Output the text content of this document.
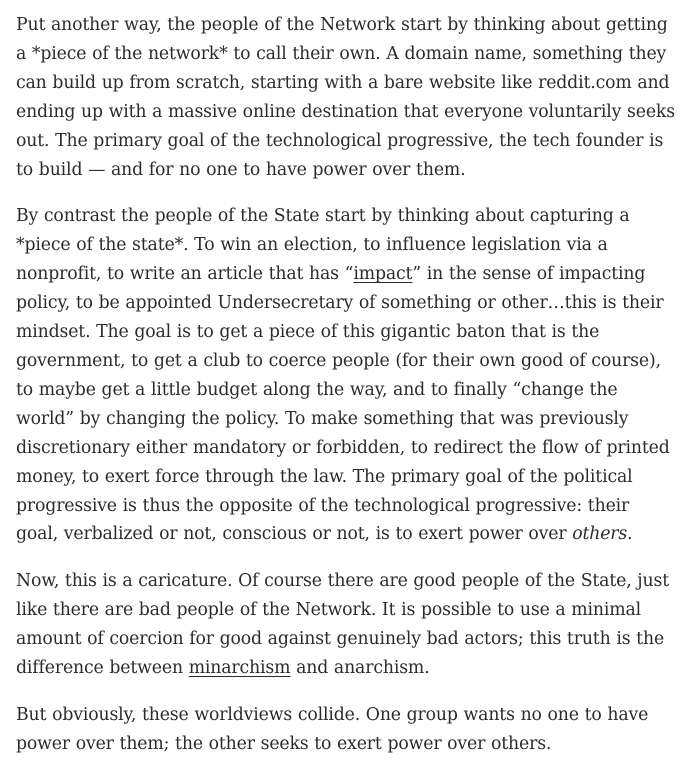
Put another way, the people of the Network start by thinking about getting a *piece of the network* to call their own. A domain name, something they can build up from scratch, starting with a bare website like reddit.com and ending up with a massive online destination that everyone voluntarily seeks out. The primary goal of the technological progressive, the tech founder is to build — and for no one to have power over them.

By contrast the people of the State start by thinking about capturing a *piece of the state*. To win an election, to influence legislation via a nonprofit, to write an article that has “impact” in the sense of impacting policy, to be appointed Undersecretary of something or other…this is their mindset. The goal is to get a piece of this gigantic baton that is the government, to get a club to coerce people (for their own good of course), to maybe get a little budget along the way, and to finally “change the world” by changing the policy. To make something that was previously discretionary either mandatory or forbidden, to redirect the flow of printed money, to exert force through the law. The primary goal of the political progressive is thus the opposite of the technological progressive: their goal, verbalized or not, conscious or not, is to exert power over others.

Now, this is a caricature. Of course there are good people of the State, just like there are bad people of the Network. It is possible to use a minimal amount of coercion for good against genuinely bad actors; this truth is the difference between minarchism and anarchism.

But obviously, these worldviews collide. One group wants no one to have power over them; the other seeks to exert power over others.
